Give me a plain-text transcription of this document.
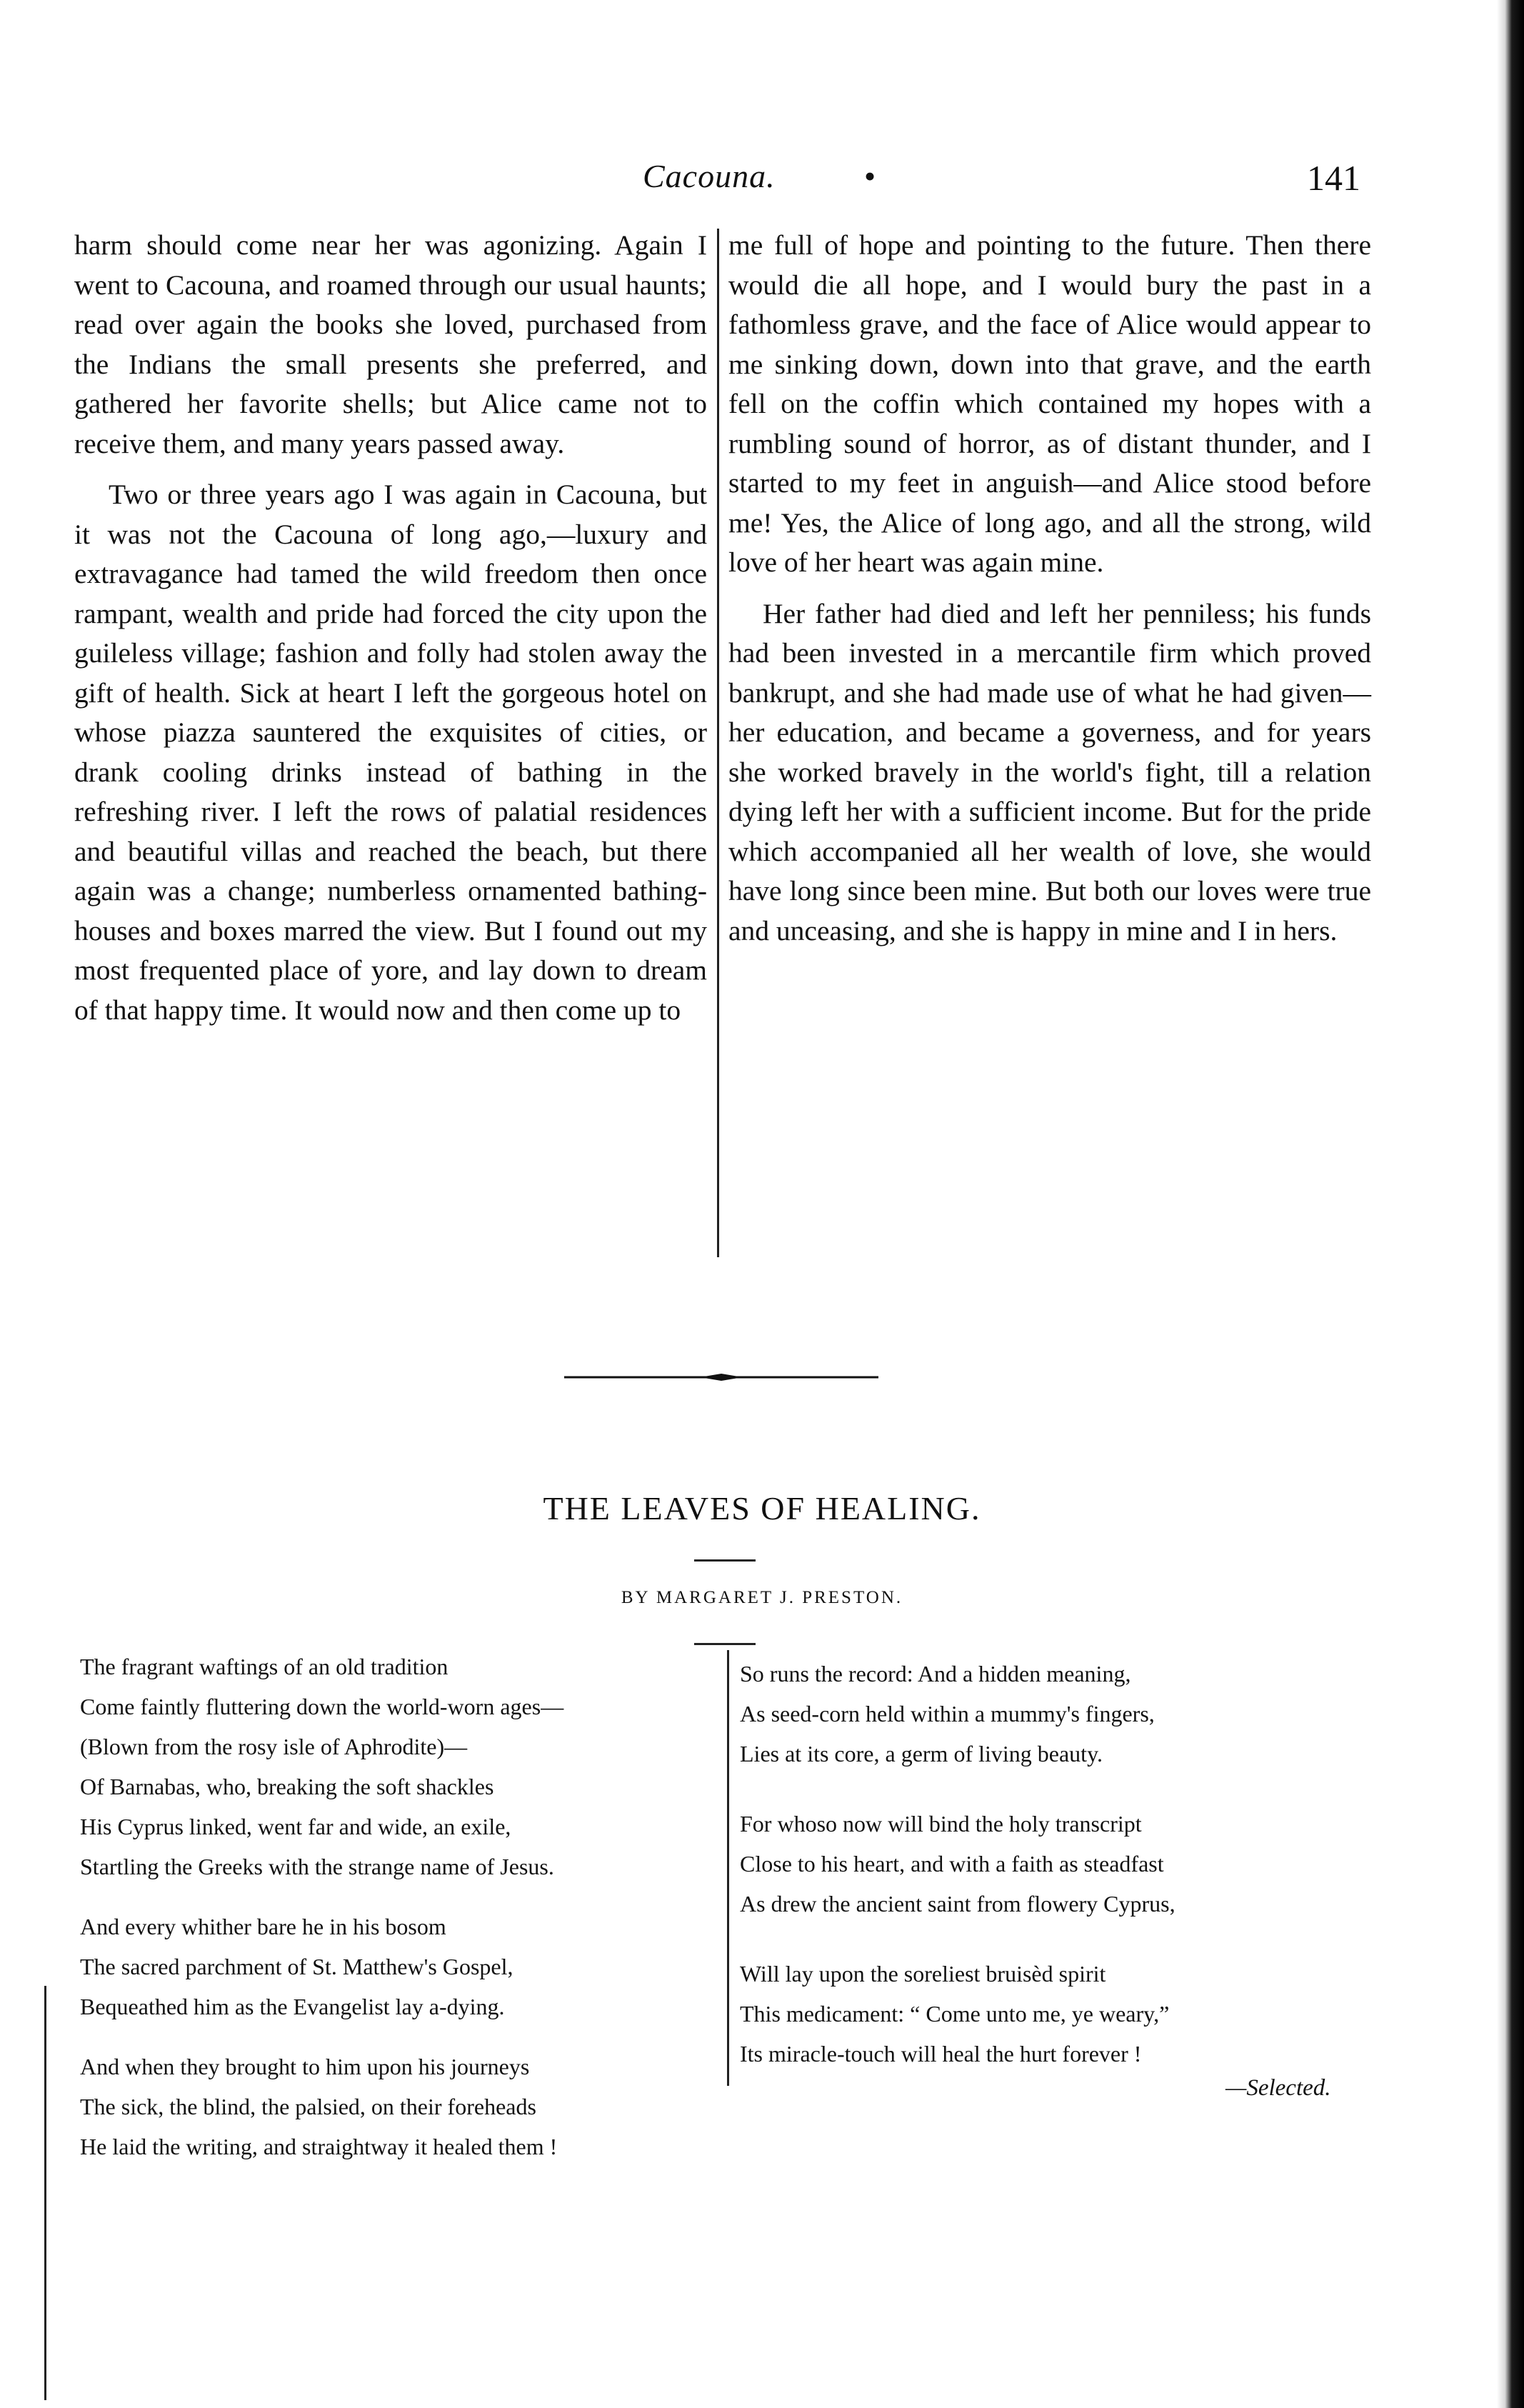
Cacouna.	•	141

harm should come near her was agonizing. Again I went to Cacouna, and roamed through our usual haunts; read over again the books she loved, purchased from the Indians the small presents she preferred, and gathered her favorite shells; but Alice came not to receive them, and many years passed away.

Two or three years ago I was again in Cacouna, but it was not the Cacouna of long ago,—luxury and extravagance had tamed the wild freedom then once rampant, wealth and pride had forced the city upon the guileless village; fashion and folly had stolen away the gift of health. Sick at heart I left the gorgeous hotel on whose piazza sauntered the exquisites of cities, or drank cooling drinks instead of bathing in the refreshing river. I left the rows of palatial residences and beautiful villas and reached the beach, but there again was a change; numberless ornamented bathing-houses and boxes marred the view. But I found out my most frequented place of yore, and lay down to dream of that happy time. It would now and then come up to

me full of hope and pointing to the future. Then there would die all hope, and I would bury the past in a fathomless grave, and the face of Alice would appear to me sinking down, down into that grave, and the earth fell on the coffin which contained my hopes with a rumbling sound of horror, as of distant thunder, and I started to my feet in anguish—and Alice stood before me! Yes, the Alice of long ago, and all the strong, wild love of her heart was again mine.

Her father had died and left her penniless; his funds had been invested in a mercantile firm which proved bankrupt, and she had made use of what he had given—her education, and became a governess, and for years she worked bravely in the world's fight, till a relation dying left her with a sufficient income. But for the pride which accompanied all her wealth of love, she would have long since been mine. But both our loves were true and unceasing, and she is happy in mine and I in hers.

THE LEAVES OF HEALING.
BY MARGARET J. PRESTON.
The fragrant waftings of an old tradition
Come faintly fluttering down the world-worn ages—
(Blown from the rosy isle of Aphrodite)—
Of Barnabas, who, breaking the soft shackles
His Cyprus linked, went far and wide, an exile,
Startling the Greeks with the strange name of Jesus.
And every whither bare he in his bosom
The sacred parchment of St. Matthew's Gospel,
Bequeathed him as the Evangelist lay a-dying.
And when they brought to him upon his journeys
The sick, the blind, the palsied, on their foreheads
He laid the writing, and straightway it healed them !
So runs the record: And a hidden meaning,
As seed-corn held within a mummy's fingers,
Lies at its core, a germ of living beauty.
For whoso now will bind the holy transcript
Close to his heart, and with a faith as steadfast
As drew the ancient saint from flowery Cyprus,
Will lay upon the soreliest bruisèd spirit
This medicament: “ Come unto me, ye weary,”
Its miracle-touch will heal the hurt forever !
—Selected.
